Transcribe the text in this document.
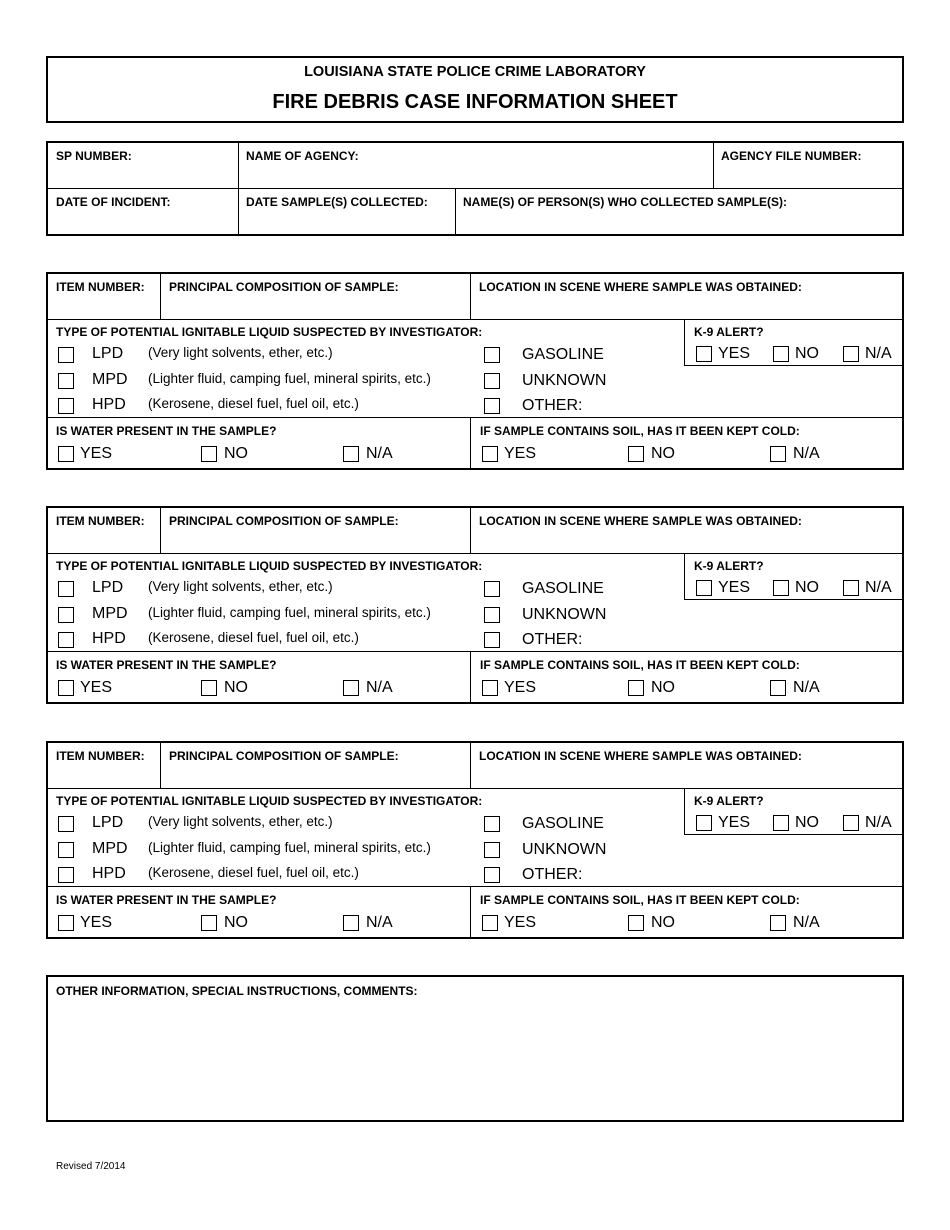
LOUISIANA STATE POLICE CRIME LABORATORY
FIRE DEBRIS CASE INFORMATION SHEET
SP NUMBER:	NAME OF AGENCY:	AGENCY FILE NUMBER:
DATE OF INCIDENT:	DATE SAMPLE(S) COLLECTED:	NAME(S) OF PERSON(S) WHO COLLECTED SAMPLE(S):
ITEM NUMBER: PRINCIPAL COMPOSITION OF SAMPLE:	LOCATION IN SCENE WHERE SAMPLE WAS OBTAINED:
TYPE OF POTENTIAL IGNITABLE LIQUID SUSPECTED BY INVESTIGATOR:
LPD (Very light solvents, ether, etc.)
MPD (Lighter fluid, camping fuel, mineral spirits, etc.)
HPD (Kerosene, diesel fuel, fuel oil, etc.)
GASOLINE
UNKNOWN
OTHER:
K-9 ALERT?
YES	NO	N/A
IS WATER PRESENT IN THE SAMPLE?
YES	NO	N/A
IF SAMPLE CONTAINS SOIL, HAS IT BEEN KEPT COLD:
YES	NO	N/A
ITEM NUMBER: PRINCIPAL COMPOSITION OF SAMPLE:	LOCATION IN SCENE WHERE SAMPLE WAS OBTAINED:
TYPE OF POTENTIAL IGNITABLE LIQUID SUSPECTED BY INVESTIGATOR:
LPD (Very light solvents, ether, etc.)
MPD (Lighter fluid, camping fuel, mineral spirits, etc.)
HPD (Kerosene, diesel fuel, fuel oil, etc.)
GASOLINE
UNKNOWN
OTHER:
K-9 ALERT?
YES	NO	N/A
IS WATER PRESENT IN THE SAMPLE?
YES	NO	N/A
IF SAMPLE CONTAINS SOIL, HAS IT BEEN KEPT COLD:
YES	NO	N/A
ITEM NUMBER: PRINCIPAL COMPOSITION OF SAMPLE:	LOCATION IN SCENE WHERE SAMPLE WAS OBTAINED:
TYPE OF POTENTIAL IGNITABLE LIQUID SUSPECTED BY INVESTIGATOR:
LPD (Very light solvents, ether, etc.)
MPD (Lighter fluid, camping fuel, mineral spirits, etc.)
HPD (Kerosene, diesel fuel, fuel oil, etc.)
GASOLINE
UNKNOWN
OTHER:
K-9 ALERT?
YES	NO	N/A
IS WATER PRESENT IN THE SAMPLE?
YES	NO	N/A
IF SAMPLE CONTAINS SOIL, HAS IT BEEN KEPT COLD:
YES	NO	N/A
OTHER INFORMATION, SPECIAL INSTRUCTIONS, COMMENTS:
Revised 7/2014
